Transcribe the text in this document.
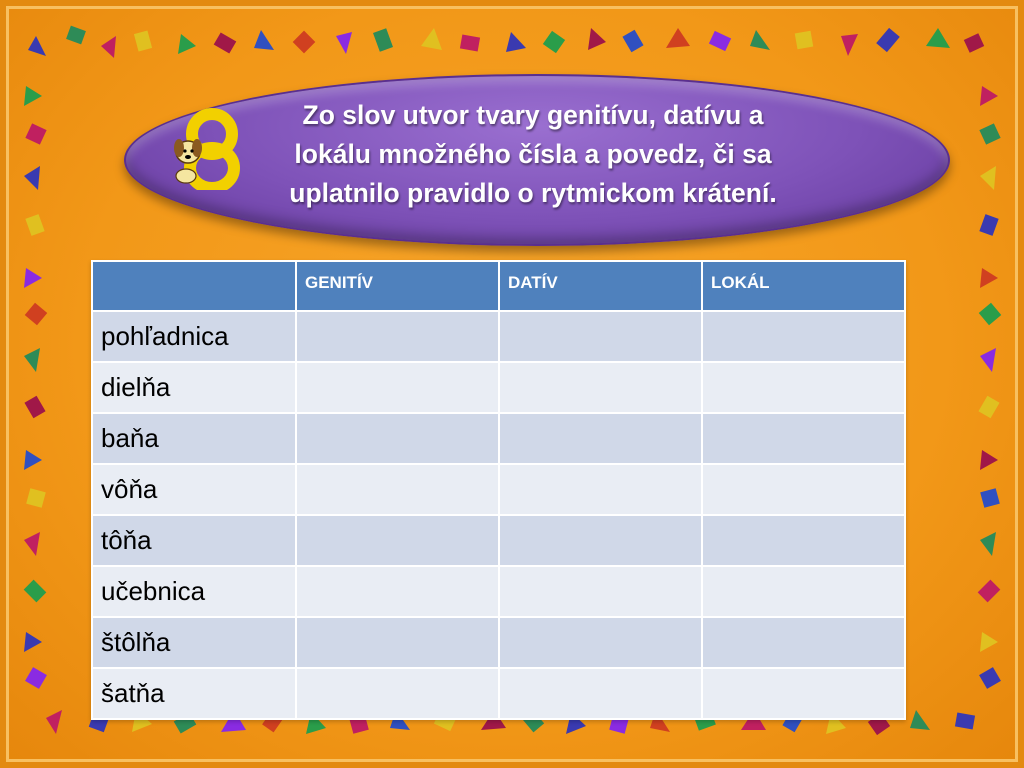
Zo slov utvor tvary genitívu, datívu a
lokálu množného čísla a povedz, či sa
uplatnilo pravidlo o rytmickom krátení.
	GENITÍV	DATÍV	LOKÁL
pohľadnica			
dielňa			
baňa			
vôňa			
tôňa			
učebnica			
štôlňa			
šatňa			
